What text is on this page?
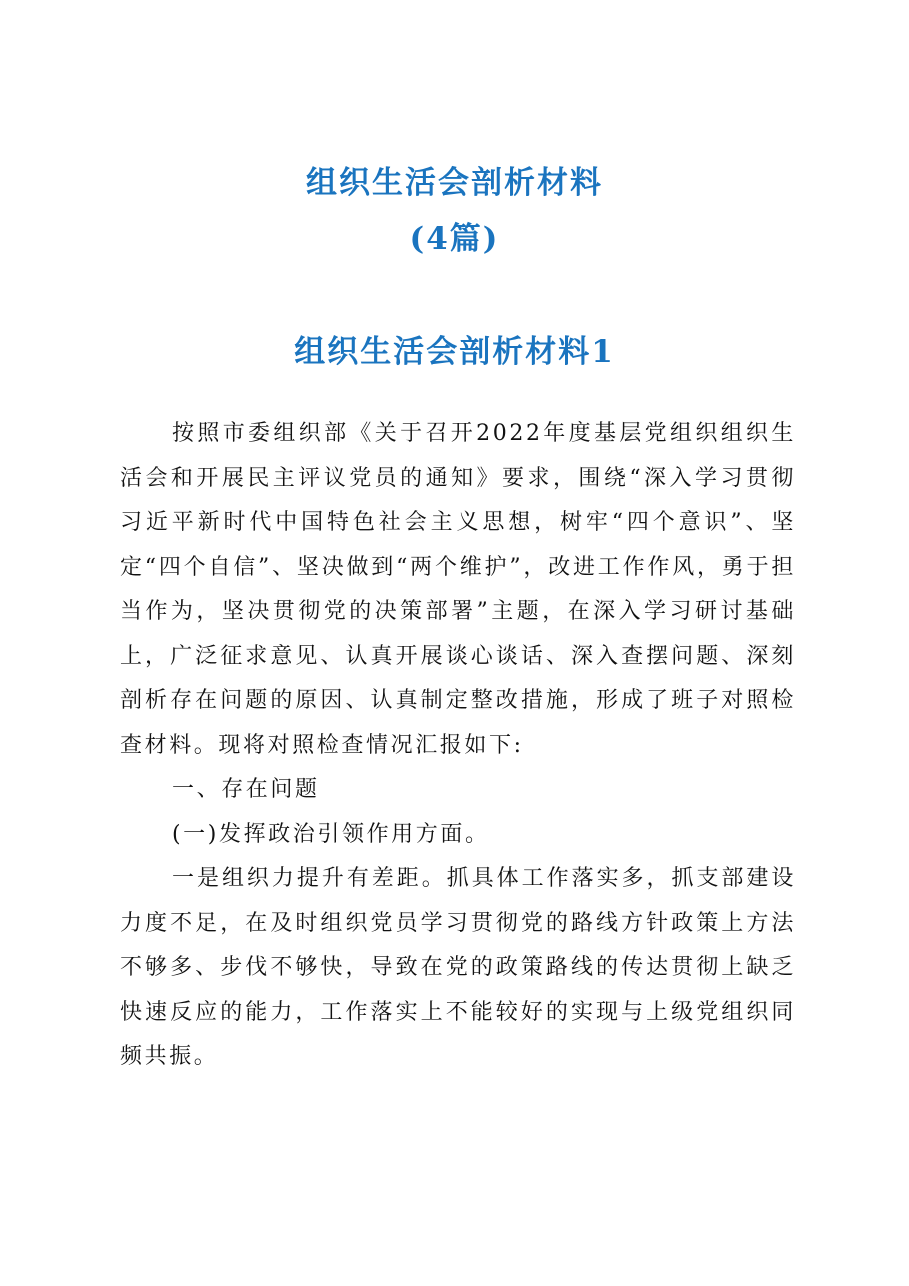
组织生活会剖析材料
(4篇)
组织生活会剖析材料1

按照市委组织部《关于召开2022年度基层党组织组织生活会和开展民主评议党员的通知》要求，围绕“深入学习贯彻习近平新时代中国特色社会主义思想，树牢“四个意识”、坚定“四个自信”、坚决做到“两个维护”，改进工作作风，勇于担当作为，坚决贯彻党的决策部署”主题，在深入学习研讨基础上，广泛征求意见、认真开展谈心谈话、深入查摆问题、深刻剖析存在问题的原因、认真制定整改措施，形成了班子对照检查材料。现将对照检查情况汇报如下:

一、存在问题

(一)发挥政治引领作用方面。

一是组织力提升有差距。抓具体工作落实多，抓支部建设力度不足，在及时组织党员学习贯彻党的路线方针政策上方法不够多、步伐不够快，导致在党的政策路线的传达贯彻上缺乏快速反应的能力，工作落实上不能较好的实现与上级党组织同频共振。
